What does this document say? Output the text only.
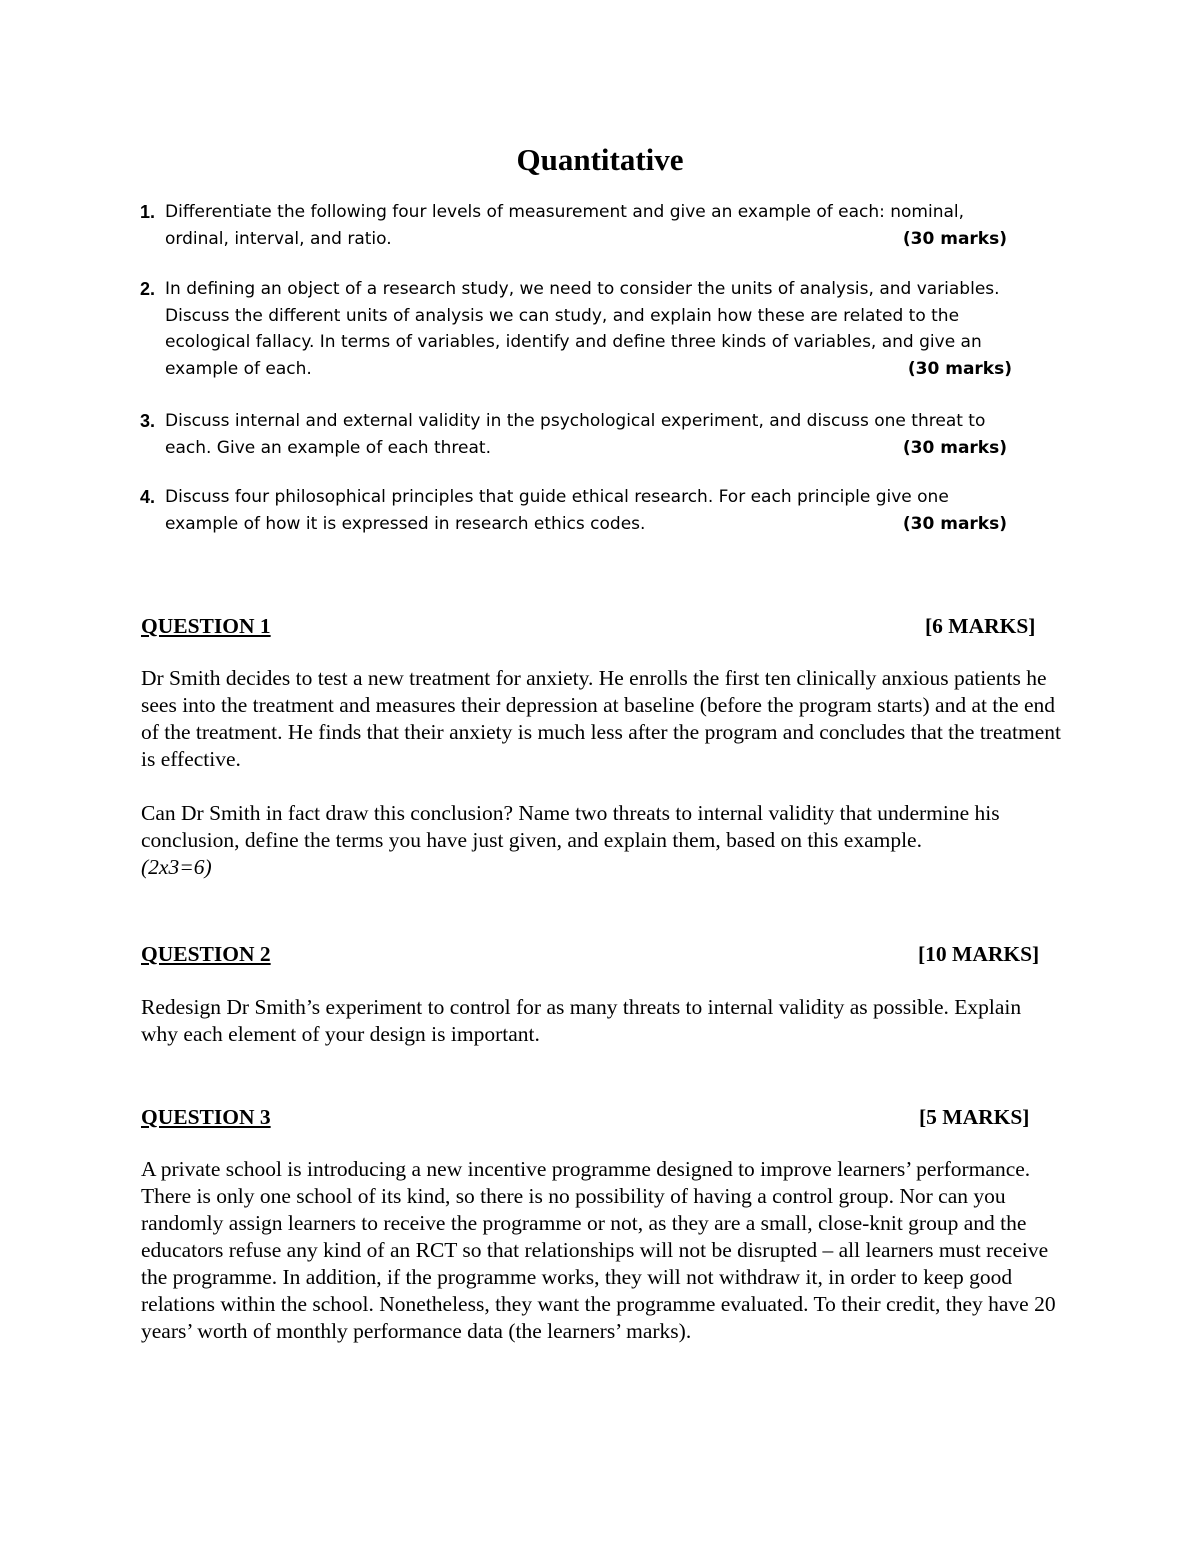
Quantitative
1. Differentiate the following four levels of measurement and give an example of each: nominal, ordinal, interval, and ratio.	(30 marks)
2. In defining an object of a research study, we need to consider the units of analysis, and variables. Discuss the different units of analysis we can study, and explain how these are related to the ecological fallacy. In terms of variables, identify and define three kinds of variables, and give an example of each.	(30 marks)
3. Discuss internal and external validity in the psychological experiment, and discuss one threat to each. Give an example of each threat.	(30 marks)
4. Discuss four philosophical principles that guide ethical research. For each principle give one example of how it is expressed in research ethics codes.	(30 marks)
QUESTION 1	[6 MARKS]
Dr Smith decides to test a new treatment for anxiety. He enrolls the first ten clinically anxious patients he sees into the treatment and measures their depression at baseline (before the program starts) and at the end of the treatment. He finds that their anxiety is much less after the program and concludes that the treatment is effective.
Can Dr Smith in fact draw this conclusion? Name two threats to internal validity that undermine his conclusion, define the terms you have just given, and explain them, based on this example.
(2x3=6)
QUESTION 2	[10 MARKS]
Redesign Dr Smith’s experiment to control for as many threats to internal validity as possible. Explain why each element of your design is important.
QUESTION 3	[5 MARKS]
A private school is introducing a new incentive programme designed to improve learners’ performance. There is only one school of its kind, so there is no possibility of having a control group. Nor can you randomly assign learners to receive the programme or not, as they are a small, close-knit group and the educators refuse any kind of an RCT so that relationships will not be disrupted – all learners must receive the programme. In addition, if the programme works, they will not withdraw it, in order to keep good relations within the school. Nonetheless, they want the programme evaluated. To their credit, they have 20 years’ worth of monthly performance data (the learners’ marks).
